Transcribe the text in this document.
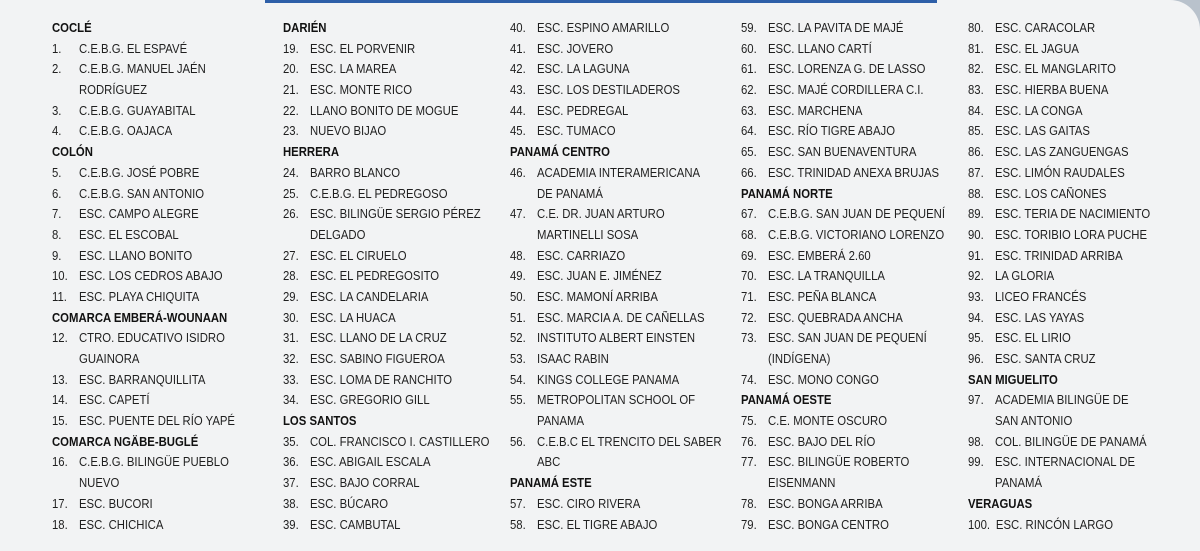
COCLÉ
1. C.E.B.G. EL ESPAVÉ
2. C.E.B.G. MANUEL JAÉN
RODRÍGUEZ
3. C.E.B.G. GUAYABITAL
4. C.E.B.G. OAJACA
COLÓN
5. C.E.B.G. JOSÉ POBRE
6. C.E.B.G. SAN ANTONIO
7. ESC. CAMPO ALEGRE
8. ESC. EL ESCOBAL
9. ESC. LLANO BONITO
10. ESC. LOS CEDROS ABAJO
11. ESC. PLAYA CHIQUITA
COMARCA EMBERÁ-WOUNAAN
12. CTRO. EDUCATIVO ISIDRO
GUAINORA
13. ESC. BARRANQUILLITA
14. ESC. CAPETÍ
15. ESC. PUENTE DEL RÍO YAPÉ
COMARCA NGÄBE-BUGLÉ
16. C.E.B.G. BILINGÜE PUEBLO
NUEVO
17. ESC. BUCORI
18. ESC. CHICHICA
DARIÉN
19. ESC. EL PORVENIR
20. ESC. LA MAREA
21. ESC. MONTE RICO
22. LLANO BONITO DE MOGUE
23. NUEVO BIJAO
HERRERA
24. BARRO BLANCO
25. C.E.B.G. EL PEDREGOSO
26. ESC. BILINGÜE SERGIO PÉREZ
DELGADO
27. ESC. EL CIRUELO
28. ESC. EL PEDREGOSITO
29. ESC. LA CANDELARIA
30. ESC. LA HUACA
31. ESC. LLANO DE LA CRUZ
32. ESC. SABINO FIGUEROA
33. ESC. LOMA DE RANCHITO
34. ESC. GREGORIO GILL
LOS SANTOS
35. COL. FRANCISCO I. CASTILLERO
36. ESC. ABIGAIL ESCALA
37. ESC. BAJO CORRAL
38. ESC. BÚCARO
39. ESC. CAMBUTAL
40. ESC. ESPINO AMARILLO
41. ESC. JOVERO
42. ESC. LA LAGUNA
43. ESC. LOS DESTILADEROS
44. ESC. PEDREGAL
45. ESC. TUMACO
PANAMÁ CENTRO
46. ACADEMIA INTERAMERICANA
DE PANAMÁ
47. C.E. DR. JUAN ARTURO
MARTINELLI SOSA
48. ESC. CARRIAZO
49. ESC. JUAN E. JIMÉNEZ
50. ESC. MAMONÍ ARRIBA
51. ESC. MARCIA A. DE CAÑELLAS
52. INSTITUTO ALBERT EINSTEN
53. ISAAC RABIN
54. KINGS COLLEGE PANAMA
55. METROPOLITAN SCHOOL OF
PANAMA
56. C.E.B.C EL TRENCITO DEL SABER
ABC
PANAMÁ ESTE
57. ESC. CIRO RIVERA
58. ESC. EL TIGRE ABAJO
59. ESC. LA PAVITA DE MAJÉ
60. ESC. LLANO CARTÍ
61. ESC. LORENZA G. DE LASSO
62. ESC. MAJÉ CORDILLERA C.I.
63. ESC. MARCHENA
64. ESC. RÍO TIGRE ABAJO
65. ESC. SAN BUENAVENTURA
66. ESC. TRINIDAD ANEXA BRUJAS
PANAMÁ NORTE
67. C.E.B.G. SAN JUAN DE PEQUENÍ
68. C.E.B.G. VICTORIANO LORENZO
69. ESC. EMBERÁ 2.60
70. ESC. LA TRANQUILLA
71. ESC. PEÑA BLANCA
72. ESC. QUEBRADA ANCHA
73. ESC. SAN JUAN DE PEQUENÍ
(INDÍGENA)
74. ESC. MONO CONGO
PANAMÁ OESTE
75. C.E. MONTE OSCURO
76. ESC. BAJO DEL RÍO
77. ESC. BILINGÜE ROBERTO
EISENMANN
78. ESC. BONGA ARRIBA
79. ESC. BONGA CENTRO
80. ESC. CARACOLAR
81. ESC. EL JAGUA
82. ESC. EL MANGLARITO
83. ESC. HIERBA BUENA
84. ESC. LA CONGA
85. ESC. LAS GAITAS
86. ESC. LAS ZANGUENGAS
87. ESC. LIMÓN RAUDALES
88. ESC. LOS CAÑONES
89. ESC. TERIA DE NACIMIENTO
90. ESC. TORIBIO LORA PUCHE
91. ESC. TRINIDAD ARRIBA
92. LA GLORIA
93. LICEO FRANCÉS
94. ESC. LAS YAYAS
95. ESC. EL LIRIO
96. ESC. SANTA CRUZ
SAN MIGUELITO
97. ACADEMIA BILINGÜE DE
SAN ANTONIO
98. COL. BILINGÜE DE PANAMÁ
99. ESC. INTERNACIONAL DE
PANAMÁ
VERAGUAS
100. ESC. RINCÓN LARGO
